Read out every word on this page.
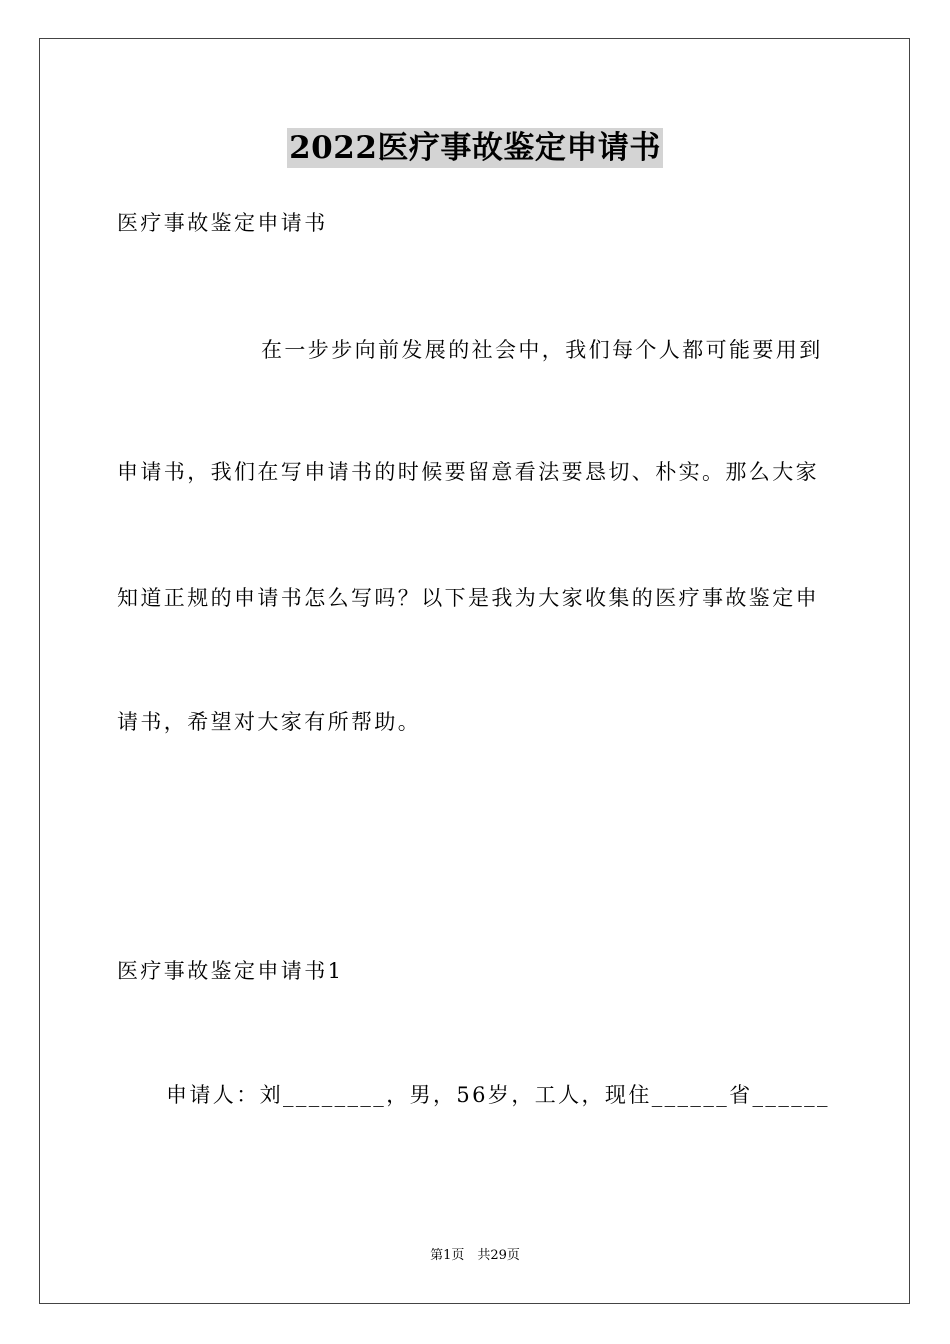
2022医疗事故鉴定申请书
医疗事故鉴定申请书
在一步步向前发展的社会中，我们每个人都可能要用到
申请书，我们在写申请书的时候要留意看法要恳切、朴实。那么大家
知道正规的申请书怎么写吗？以下是我为大家收集的医疗事故鉴定申
请书，希望对大家有所帮助。
医疗事故鉴定申请书1
申请人：刘________，男，56岁，工人，现住______省______
第1页　共29页
